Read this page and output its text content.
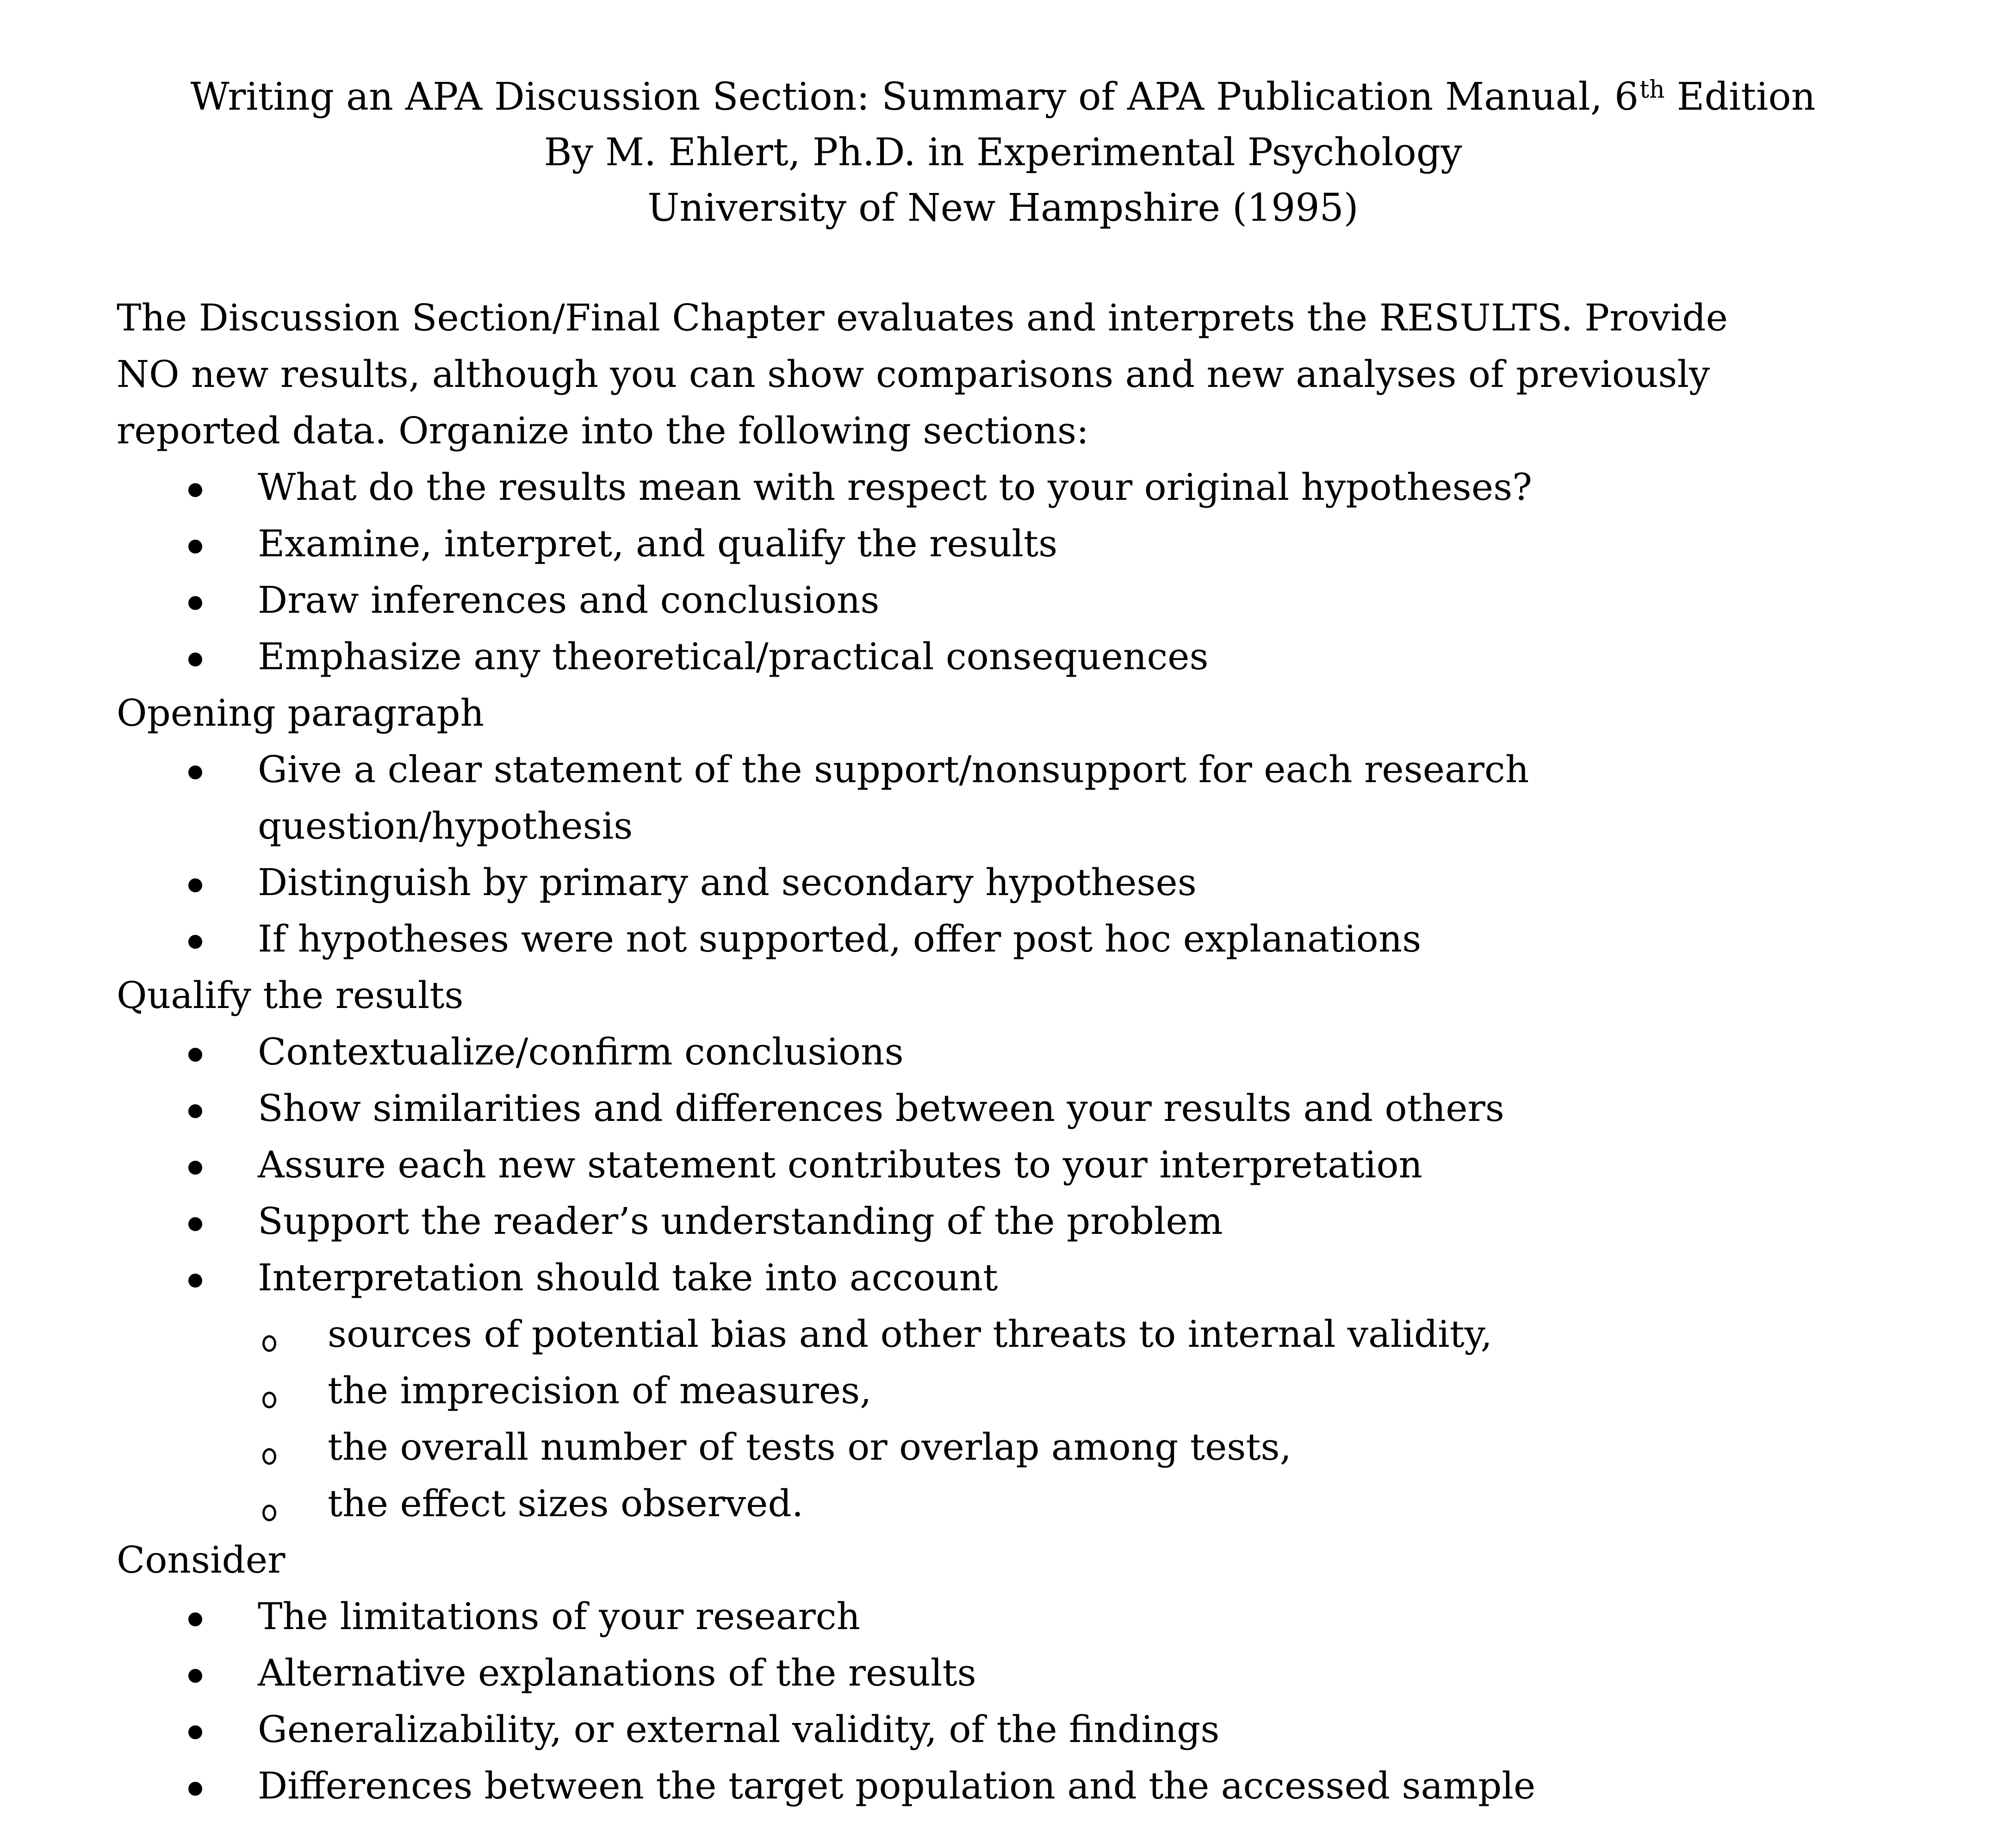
Writing an APA Discussion Section: Summary of APA Publication Manual, 6th Edition
By M. Ehlert, Ph.D. in Experimental Psychology
University of New Hampshire (1995)
The Discussion Section/Final Chapter evaluates and interprets the RESULTS. Provide
NO new results, although you can show comparisons and new analyses of previously
reported data. Organize into the following sections:
What do the results mean with respect to your original hypotheses?
Examine, interpret, and qualify the results
Draw inferences and conclusions
Emphasize any theoretical/practical consequences
Opening paragraph
Give a clear statement of the support/nonsupport for each research
question/hypothesis
Distinguish by primary and secondary hypotheses
If hypotheses were not supported, offer post hoc explanations
Qualify the results
Contextualize/confirm conclusions
Show similarities and differences between your results and others
Assure each new statement contributes to your interpretation
Support the reader’s understanding of the problem
Interpretation should take into account
sources of potential bias and other threats to internal validity,
the imprecision of measures,
the overall number of tests or overlap among tests,
the effect sizes observed.
Consider
The limitations of your research
Alternative explanations of the results
Generalizability, or external validity, of the findings
Differences between the target population and the accessed sample
